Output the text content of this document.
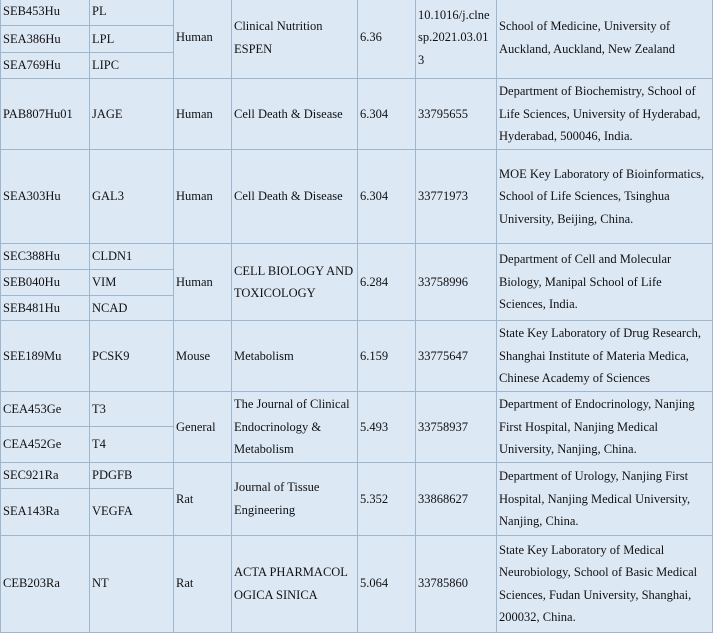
SEB453Hu	PL	Human	Clinical Nutrition ESPEN	6.36	10.1016/j.clnesp.2021.03.013	School of Medicine, University of Auckland, Auckland, New Zealand
SEA386Hu	LPL					
SEA769Hu	LIPC					
PAB807Hu01	JAGE	Human	Cell Death & Disease	6.304	33795655	Department of Biochemistry, School of Life Sciences, University of Hyderabad, Hyderabad, 500046, India.
SEA303Hu	GAL3	Human	Cell Death & Disease	6.304	33771973	MOE Key Laboratory of Bioinformatics, School of Life Sciences, Tsinghua University, Beijing, China.
SEC388Hu	CLDN1	Human	CELL BIOLOGY AND TOXICOLOGY	6.284	33758996	Department of Cell and Molecular Biology, Manipal School of Life Sciences, India.
SEB040Hu	VIM					
SEB481Hu	NCAD					
SEE189Mu	PCSK9	Mouse	Metabolism	6.159	33775647	State Key Laboratory of Drug Research, Shanghai Institute of Materia Medica, Chinese Academy of Sciences
CEA453Ge	T3	General	The Journal of Clinical Endocrinology & Metabolism	5.493	33758937	Department of Endocrinology, Nanjing First Hospital, Nanjing Medical University, Nanjing, China.
CEA452Ge	T4					
SEC921Ra	PDGFB	Rat	Journal of Tissue Engineering	5.352	33868627	Department of Urology, Nanjing First Hospital, Nanjing Medical University, Nanjing, China.
SEA143Ra	VEGFA					
CEB203Ra	NT	Rat	ACTA PHARMACOLOGICA SINICA	5.064	33785860	State Key Laboratory of Medical Neurobiology, School of Basic Medical Sciences, Fudan University, Shanghai, 200032, China.
